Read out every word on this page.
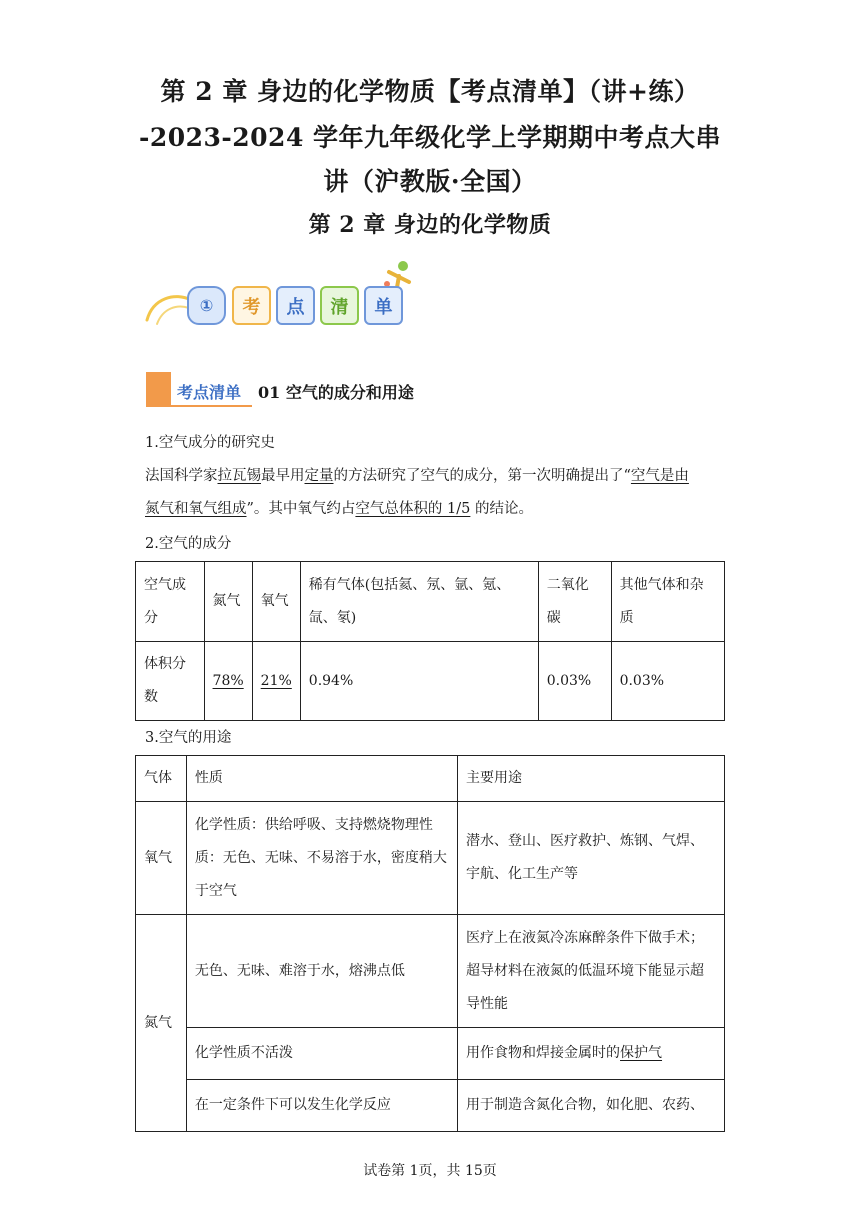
第 2 章 身边的化学物质【考点清单】（讲+练）
-2023-2024 学年九年级化学上学期期中考点大串
讲（沪教版·全国）
第 2 章 身边的化学物质
①	考	点	清	单
考点清单 01 空气的成分和用途
1.空气成分的研究史
法国科学家拉瓦锡最早用定量的方法研究了空气的成分，第一次明确提出了“空气是由
氮气和氧气组成”。其中氧气约占空气总体积的 1/5 的结论。
2.空气的成分
空气成分	氮气	氧气	稀有气体(包括氦、氖、氩、氪、氙、氡)	二氧化碳	其他气体和杂质
体积分数	78%	21%	0.94%	0.03%	0.03%
3.空气的用途
气体	性质	主要用途
氧气	化学性质：供给呼吸、支持燃烧物理性质：无色、无味、不易溶于水，密度稍大于空气	潜水、登山、医疗救护、炼钢、气焊、宇航、化工生产等
氮气	无色、无味、难溶于水，熔沸点低	医疗上在液氮冷冻麻醉条件下做手术；超导材料在液氮的低温环境下能显示超导性能
	化学性质不活泼	用作食物和焊接金属时的保护气
	在一定条件下可以发生化学反应	用于制造含氮化合物，如化肥、农药、
试卷第 1页，共 15页
